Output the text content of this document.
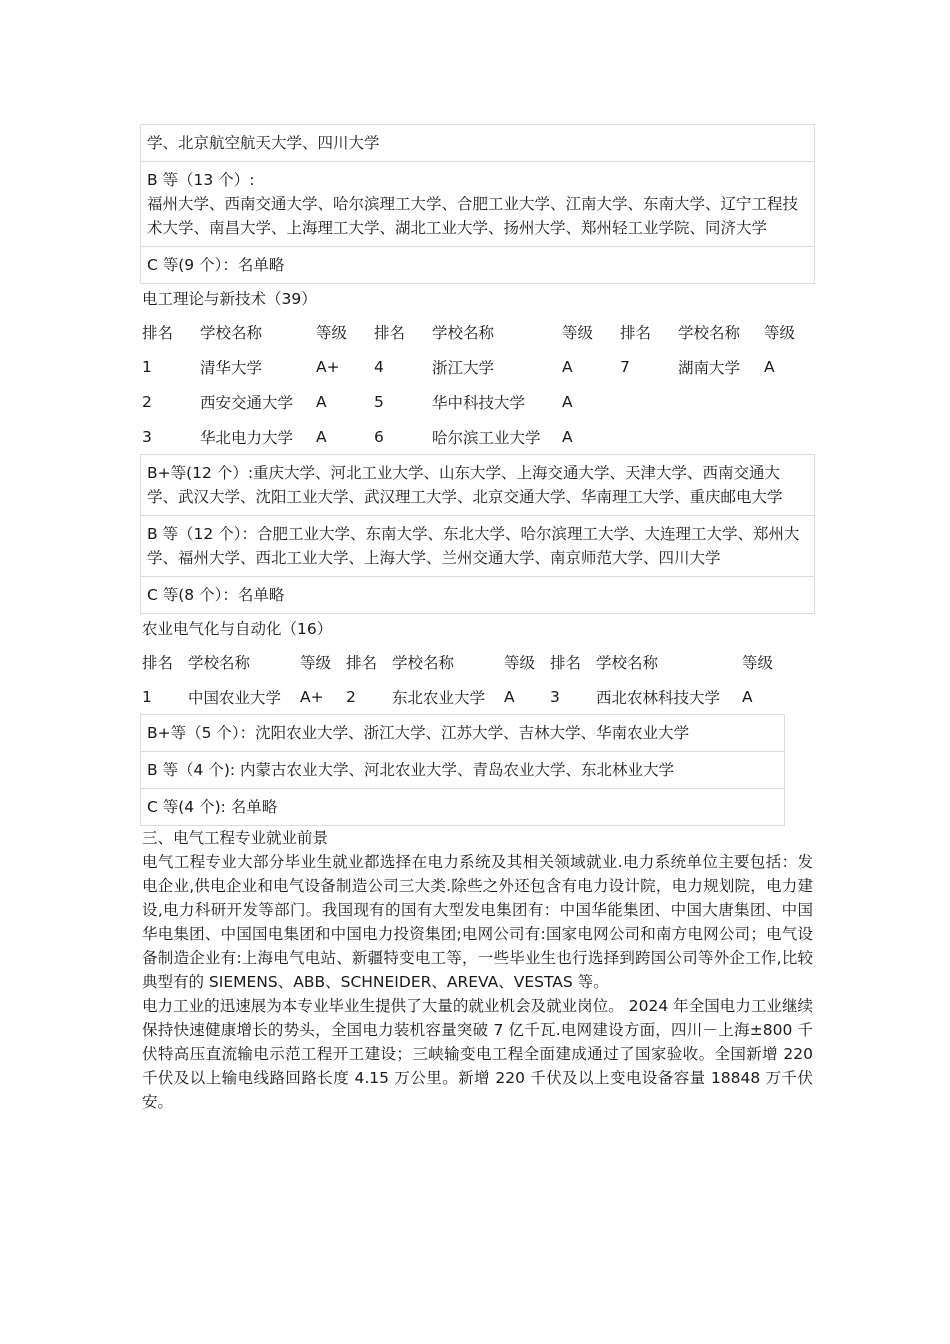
学、北京航空航天大学、四川大学
B 等（13 个）:
福州大学、西南交通大学、哈尔滨理工大学、合肥工业大学、江南大学、东南大学、辽宁工程技术大学、南昌大学、上海理工大学、湖北工业大学、扬州大学、郑州轻工业学院、同济大学
C 等(9 个）：名单略
电工理论与新技术（39）
排名	学校名称	等级	排名	学校名称	等级	排名	学校名称	等级
1	清华大学	A+	4	浙江大学	A	7	湖南大学	A
2	西安交通大学	A	5	华中科技大学	A			
3	华北电力大学	A	6	哈尔滨工业大学	A			
B+等(12 个）:重庆大学、河北工业大学、山东大学、上海交通大学、天津大学、西南交通大学、武汉大学、沈阳工业大学、武汉理工大学、北京交通大学、华南理工大学、重庆邮电大学
B 等（12 个）：合肥工业大学、东南大学、东北大学、哈尔滨理工大学、大连理工大学、郑州大学、福州大学、西北工业大学、上海大学、兰州交通大学、南京师范大学、四川大学
C 等(8 个）：名单略
农业电气化与自动化（16）
排名	学校名称	等级	排名	学校名称	等级	排名	学校名称	等级
1	中国农业大学	A+	2	东北农业大学	A	3	西北农林科技大学	A
B+等（5 个）：沈阳农业大学、浙江大学、江苏大学、吉林大学、华南农业大学
B 等（4 个): 内蒙古农业大学、河北农业大学、青岛农业大学、东北林业大学
C 等(4 个): 名单略
三、电气工程专业就业前景
电气工程专业大部分毕业生就业都选择在电力系统及其相关领域就业.电力系统单位主要包括：发电企业,供电企业和电气设备制造公司三大类.除些之外还包含有电力设计院，电力规划院，电力建设,电力科研开发等部门。我国现有的国有大型发电集团有：中国华能集团、中国大唐集团、中国华电集团、中国国电集团和中国电力投资集团;电网公司有:国家电网公司和南方电网公司；电气设备制造企业有:上海电气电站、新疆特变电工等，一些毕业生也行选择到跨国公司等外企工作,比较典型有的 SIEMENS、ABB、SCHNEIDER、AREVA、VESTAS 等。
电力工业的迅速展为本专业毕业生提供了大量的就业机会及就业岗位。 2024 年全国电力工业继续保持快速健康增长的势头，全国电力装机容量突破 7 亿千瓦.电网建设方面，四川－上海±800 千伏特高压直流输电示范工程开工建设；三峡输变电工程全面建成通过了国家验收。全国新增 220 千伏及以上输电线路回路长度 4.15 万公里。新增 220 千伏及以上变电设备容量 18848 万千伏安。
